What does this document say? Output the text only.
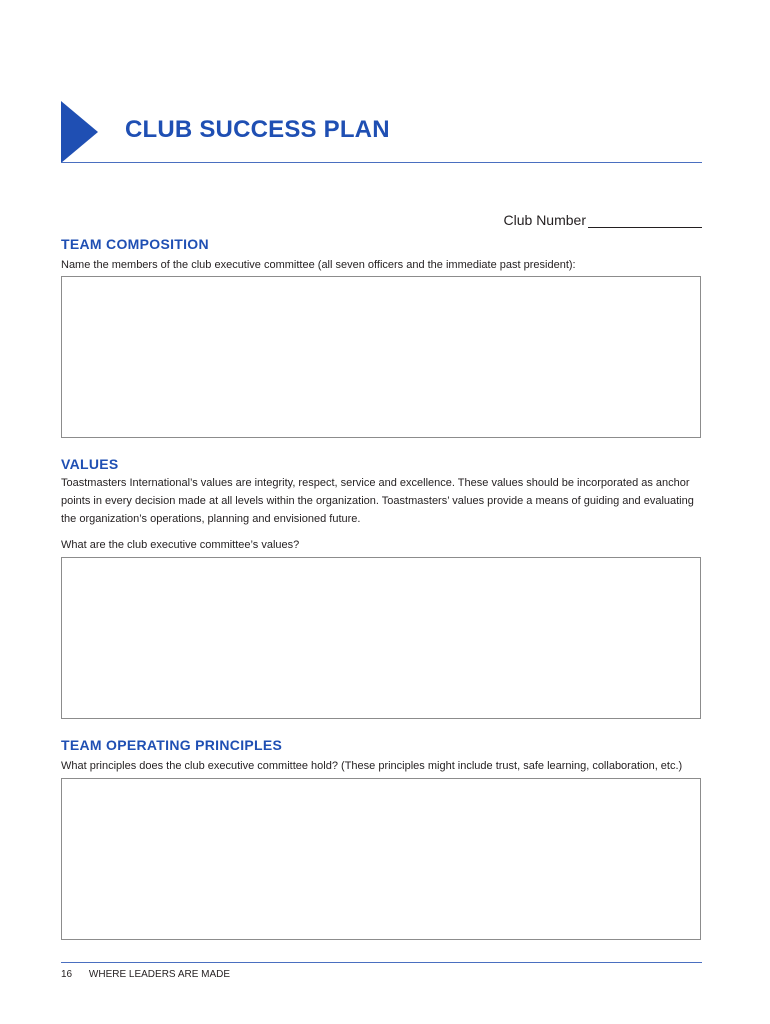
CLUB SUCCESS PLAN
Club Number
TEAM COMPOSITION
Name the members of the club executive committee (all seven officers and the immediate past president):
VALUES
Toastmasters International’s values are integrity, respect, service and excellence. These values should be incorporated as anchor points in every decision made at all levels within the organization. Toastmasters’ values provide a means of guiding and evaluating the organization’s operations, planning and envisioned future.
What are the club executive committee’s values?
TEAM OPERATING PRINCIPLES
What principles does the club executive committee hold? (These principles might include trust, safe learning, collaboration, etc.)
16 WHERE LEADERS ARE MADE
